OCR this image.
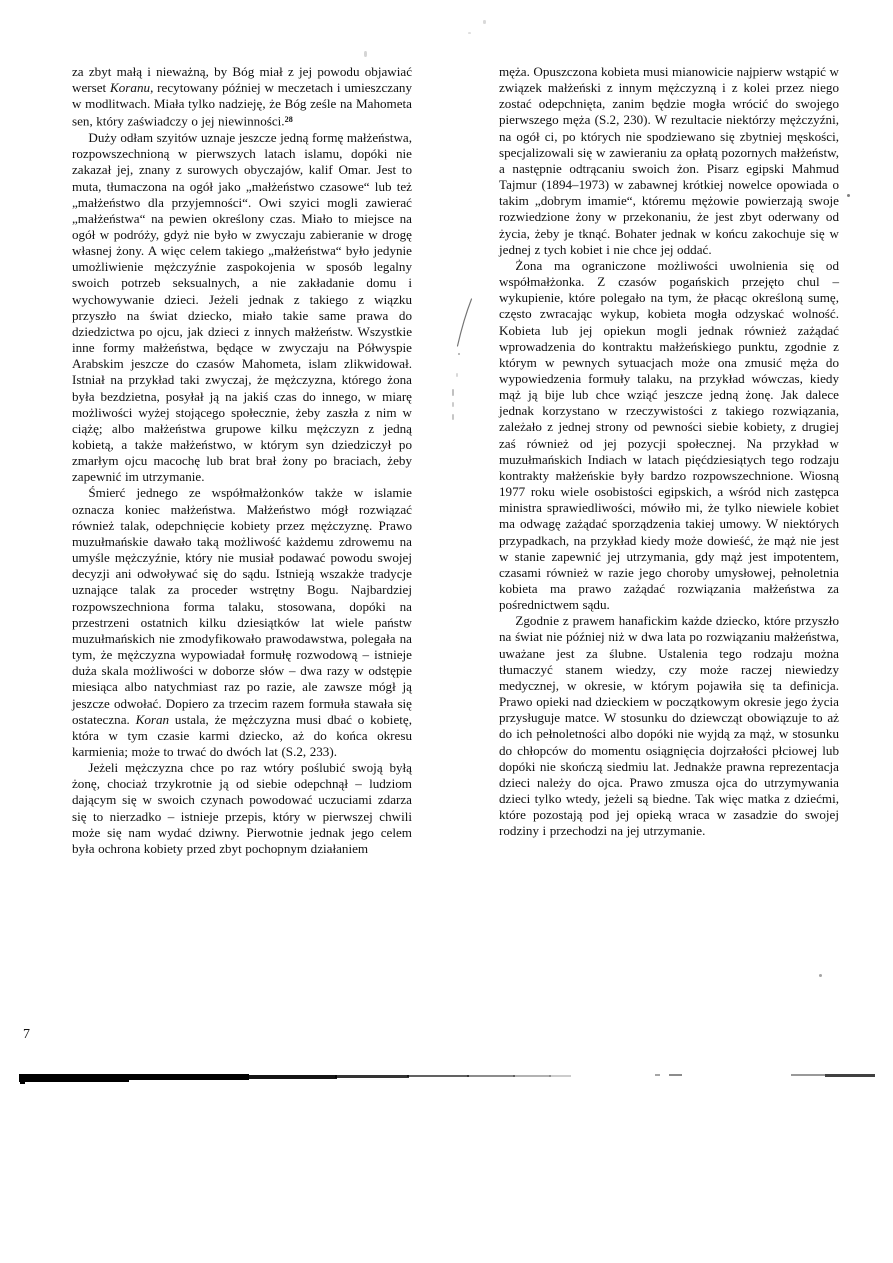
za zbyt małą i nieważną, by Bóg miał z jej powodu objawiać werset Koranu, recytowany później w meczetach i umieszczany w modlitwach. Miała tylko nadzieję, że Bóg ześle na Mahometa sen, który zaświadczy o jej niewinności.$^{28}$

Duży odłam szyitów uznaje jeszcze jedną formę małżeństwa, rozpowszechnioną w pierwszych latach islamu, dopóki nie zakazał jej, znany z surowych obyczajów, kalif Omar. Jest to muta, tłumaczona na ogół jako „małżeństwo czasowe“ lub też „małżeństwo dla przyjemności“. Owi szyici mogli zawierać „małżeństwa“ na pewien określony czas. Miało to miejsce na ogół w podróży, gdyż nie było w zwyczaju zabieranie w drogę własnej żony. A więc celem takiego „małżeństwa“ było jedynie umożliwienie mężczyźnie zaspokojenia w sposób legalny swoich potrzeb seksualnych, a nie zakładanie domu i wychowywanie dzieci. Jeżeli jednak z takiego z wiązku przyszło na świat dziecko, miało takie same prawa do dziedzictwa po ojcu, jak dzieci z innych małżeństw. Wszystkie inne formy małżeństwa, będące w zwyczaju na Półwyspie Arabskim jeszcze do czasów Mahometa, islam zlikwidował. Istniał na przykład taki zwyczaj, że mężczyzna, którego żona była bezdzietna, posyłał ją na jakiś czas do innego, w miarę możliwości wyżej stojącego społecznie, żeby zaszła z nim w ciążę; albo małżeństwa grupowe kilku mężczyzn z jedną kobietą, a także małżeństwo, w którym syn dziedziczył po zmarłym ojcu macochę lub brat brał żony po braciach, żeby zapewnić im utrzymanie.

Śmierć jednego ze współmałżonków także w islamie oznacza koniec małżeństwa. Małżeństwo mógł rozwiązać również talak, odepchnięcie kobiety przez mężczyznę. Prawo muzułmańskie dawało taką możliwość każdemu zdrowemu na umyśle mężczyźnie, który nie musiał podawać powodu swojej decyzji ani odwoływać się do sądu. Istnieją wszakże tradycje uznające talak za proceder wstrętny Bogu. Najbardziej rozpowszechniona forma talaku, stosowana, dopóki na przestrzeni ostatnich kilku dziesiątków lat wiele państw muzułmańskich nie zmodyfikowało prawodawstwa, polegała na tym, że mężczyzna wypowiadał formułę rozwodową – istnieje duża skala możliwości w doborze słów – dwa razy w odstępie miesiąca albo natychmiast raz po razie, ale zawsze mógł ją jeszcze odwołać. Dopiero za trzecim razem formuła stawała się ostateczna. Koran ustala, że mężczyzna musi dbać o kobietę, która w tym czasie karmi dziecko, aż do końca okresu karmienia; może to trwać do dwóch lat (S.2, 233).

Jeżeli mężczyzna chce po raz wtóry poślubić swoją byłą żonę, chociaż trzykrotnie ją od siebie odepchnął – ludziom dającym się w swoich czynach powodować uczuciami zdarza się to nierzadko – istnieje przepis, który w pierwszej chwili może się nam wydać dziwny. Pierwotnie jednak jego celem była ochrona kobiety przed zbyt pochopnym działaniem

męża. Opuszczona kobieta musi mianowicie najpierw wstąpić w związek małżeński z innym mężczyzną i z kolei przez niego zostać odepchnięta, zanim będzie mogła wrócić do swojego pierwszego męża (S.2, 230). W rezultacie niektórzy mężczyźni, na ogół ci, po których nie spodziewano się zbytniej męskości, specjalizowali się w zawieraniu za opłatą pozornych małżeństw, a następnie odtrącaniu swoich żon. Pisarz egipski Mahmud Tajmur (1894–1973) w zabawnej krótkiej nowelce opowiada o takim „dobrym imamie“, któremu mężowie powierzają swoje rozwiedzione żony w przekonaniu, że jest zbyt oderwany od życia, żeby je tknąć. Bohater jednak w końcu zakochuje się w jednej z tych kobiet i nie chce jej oddać.

Żona ma ograniczone możliwości uwolnienia się od współmałżonka. Z czasów pogańskich przejęto chul – wykupienie, które polegało na tym, że płacąc określoną sumę, często zwracając wykup, kobieta mogła odzyskać wolność. Kobieta lub jej opiekun mogli jednak również zażądać wprowadzenia do kontraktu małżeńskiego punktu, zgodnie z którym w pewnych sytuacjach może ona zmusić męża do wypowiedzenia formuły talaku, na przykład wówczas, kiedy mąż ją bije lub chce wziąć jeszcze jedną żonę. Jak dalece jednak korzystano w rzeczywistości z takiego rozwiązania, zależało z jednej strony od pewności siebie kobiety, z drugiej zaś również od jej pozycji społecznej. Na przykład w muzułmańskich Indiach w latach pięćdziesiątych tego rodzaju kontrakty małżeńskie były bardzo rozpowszechnione. Wiosną 1977 roku wiele osobistości egipskich, a wśród nich zastępca ministra sprawiedliwości, mówiło mi, że tylko niewiele kobiet ma odwagę zażądać sporządzenia takiej umowy. W niektórych przypadkach, na przykład kiedy może dowieść, że mąż nie jest w stanie zapewnić jej utrzymania, gdy mąż jest impotentem, czasami również w razie jego choroby umysłowej, pełnoletnia kobieta ma prawo zażądać rozwiązania małżeństwa za pośrednictwem sądu.

Zgodnie z prawem hanafickim każde dziecko, które przyszło na świat nie później niż w dwa lata po rozwiązaniu małżeństwa, uważane jest za ślubne. Ustalenia tego rodzaju można tłumaczyć stanem wiedzy, czy może raczej niewiedzy medycznej, w okresie, w którym pojawiła się ta definicja. Prawo opieki nad dzieckiem w początkowym okresie jego życia przysługuje matce. W stosunku do dziewcząt obowiązuje to aż do ich pełnoletności albo dopóki nie wyjdą za mąż, w stosunku do chłopców do momentu osiągnięcia dojrzałości płciowej lub dopóki nie skończą siedmiu lat. Jednakże prawna reprezentacja dzieci należy do ojca. Prawo zmusza ojca do utrzymywania dzieci tylko wtedy, jeżeli są biedne. Tak więc matka z dziećmi, które pozostają pod jej opieką wraca w zasadzie do swojej rodziny i przechodzi na jej utrzymanie.

7
